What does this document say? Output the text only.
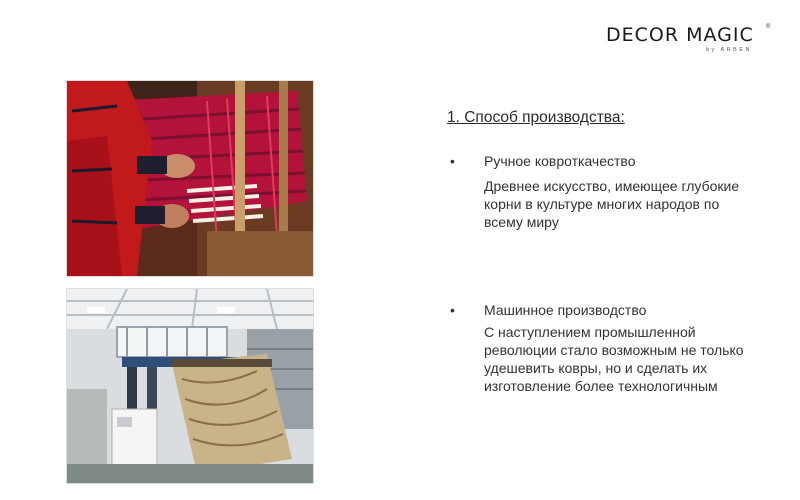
DECOR MAGIC ®
by ARBEN
1. Способ производства:
• Ручное ковроткачество
Древнее искусство, имеющее глубокие корни в культуре многих народов по всему миру
• Машинное производство
С наступлением промышленной революции стало возможным не только удешевить ковры, но и сделать их изготовление более технологичным
